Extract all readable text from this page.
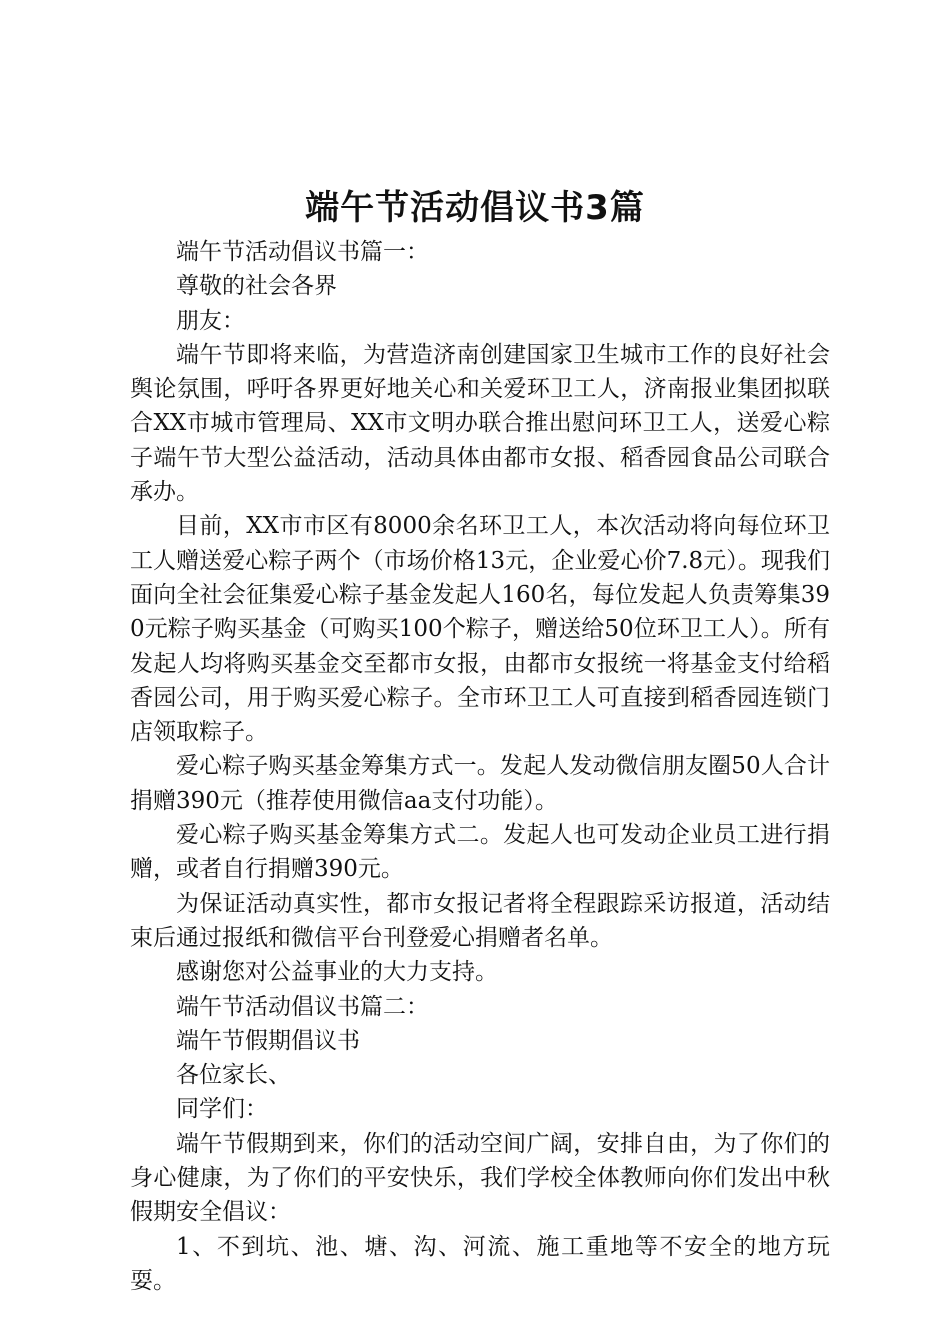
端午节活动倡议书3篇

端午节活动倡议书篇一：

尊敬的社会各界

朋友：

端午节即将来临，为营造济南创建国家卫生城市工作的良好社会舆论氛围，呼吁各界更好地关心和关爱环卫工人，济南报业集团拟联合XX市城市管理局、XX市文明办联合推出慰问环卫工人，送爱心粽子端午节大型公益活动，活动具体由都市女报、稻香园食品公司联合承办。

目前，XX市市区有8000余名环卫工人，本次活动将向每位环卫工人赠送爱心粽子两个（市场价格13元，企业爱心价7.8元）。现我们面向全社会征集爱心粽子基金发起人160名，每位发起人负责筹集390元粽子购买基金（可购买100个粽子，赠送给50位环卫工人）。所有发起人均将购买基金交至都市女报，由都市女报统一将基金支付给稻香园公司，用于购买爱心粽子。全市环卫工人可直接到稻香园连锁门店领取粽子。

爱心粽子购买基金筹集方式一。发起人发动微信朋友圈50人合计捐赠390元（推荐使用微信aa支付功能）。

爱心粽子购买基金筹集方式二。发起人也可发动企业员工进行捐赠，或者自行捐赠390元。

为保证活动真实性，都市女报记者将全程跟踪采访报道，活动结束后通过报纸和微信平台刊登爱心捐赠者名单。

感谢您对公益事业的大力支持。

端午节活动倡议书篇二：

端午节假期倡议书

各位家长、

同学们：

端午节假期到来，你们的活动空间广阔，安排自由，为了你们的身心健康，为了你们的平安快乐，我们学校全体教师向你们发出中秋假期安全倡议：

1、不到坑、池、塘、沟、河流、施工重地等不安全的地方玩耍。
